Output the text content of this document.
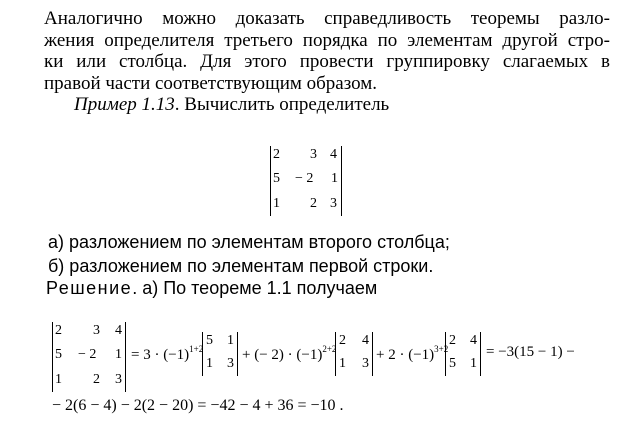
Аналогично можно доказать справедливость теоремы разло-
жения определителя третьего порядка по элементам другой стро-
ки или столбца. Для этого провести группировку слагаемых в
правой части соответствующим образом.
Пример 1.13. Вычислить определитель
2 3 4
5 − 2 1
1 2 3
а) разложением по элементам второго столбца;
б) разложением по элементам первой строки.
Решение. а) По теореме 1.1 получаем
2 3 4
5 − 2 1
1 2 3
= $3 \cdot (-1)^{1+2}$
5 1
1 3
+ (− $2) \cdot (-1)^{2+2}$
2 4
1 3
+ $2 \cdot (-1)^{3+2}$
2 4
5 1
= −3(15 − 1) −
− 2(6 − 4) − 2(2 − 20) = −42 − 4 + 36 = −10 .
